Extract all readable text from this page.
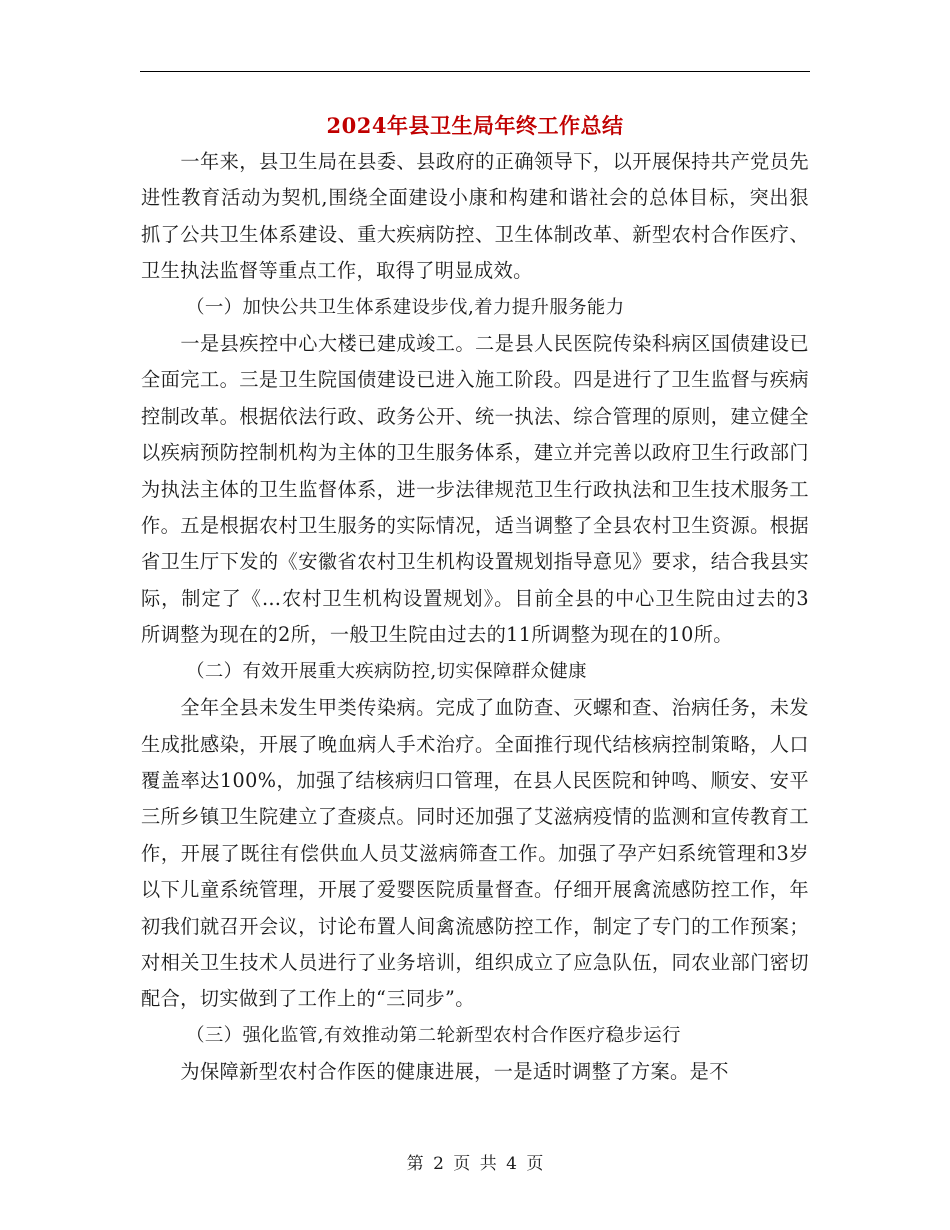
2024年县卫生局年终工作总结

一年来，县卫生局在县委、县政府的正确领导下，以开展保持共产党员先进性教育活动为契机,围绕全面建设小康和构建和谐社会的总体目标，突出狠抓了公共卫生体系建设、重大疾病防控、卫生体制改革、新型农村合作医疗、卫生执法监督等重点工作，取得了明显成效。

（一）加快公共卫生体系建设步伐,着力提升服务能力

一是县疾控中心大楼已建成竣工。二是县人民医院传染科病区国债建设已全面完工。三是卫生院国债建设已进入施工阶段。四是进行了卫生监督与疾病控制改革。根据依法行政、政务公开、统一执法、综合管理的原则，建立健全以疾病预防控制机构为主体的卫生服务体系，建立并完善以政府卫生行政部门为执法主体的卫生监督体系，进一步法律规范卫生行政执法和卫生技术服务工作。五是根据农村卫生服务的实际情况，适当调整了全县农村卫生资源。根据省卫生厅下发的《安徽省农村卫生机构设置规划指导意见》要求，结合我县实际，制定了《…农村卫生机构设置规划》。目前全县的中心卫生院由过去的3所调整为现在的2所，一般卫生院由过去的11所调整为现在的10所。

（二）有效开展重大疾病防控,切实保障群众健康

全年全县未发生甲类传染病。完成了血防查、灭螺和查、治病任务，未发生成批感染，开展了晚血病人手术治疗。全面推行现代结核病控制策略，人口覆盖率达100%，加强了结核病归口管理，在县人民医院和钟鸣、顺安、安平三所乡镇卫生院建立了查痰点。同时还加强了艾滋病疫情的监测和宣传教育工作，开展了既往有偿供血人员艾滋病筛查工作。加强了孕产妇系统管理和3岁以下儿童系统管理，开展了爱婴医院质量督查。仔细开展禽流感防控工作，年初我们就召开会议，讨论布置人间禽流感防控工作，制定了专门的工作预案；对相关卫生技术人员进行了业务培训，组织成立了应急队伍，同农业部门密切配合，切实做到了工作上的“三同步”。

（三）强化监管,有效推动第二轮新型农村合作医疗稳步运行

为保障新型农村合作医的健康进展，一是适时调整了方案。是不

第 2 页 共 4 页
